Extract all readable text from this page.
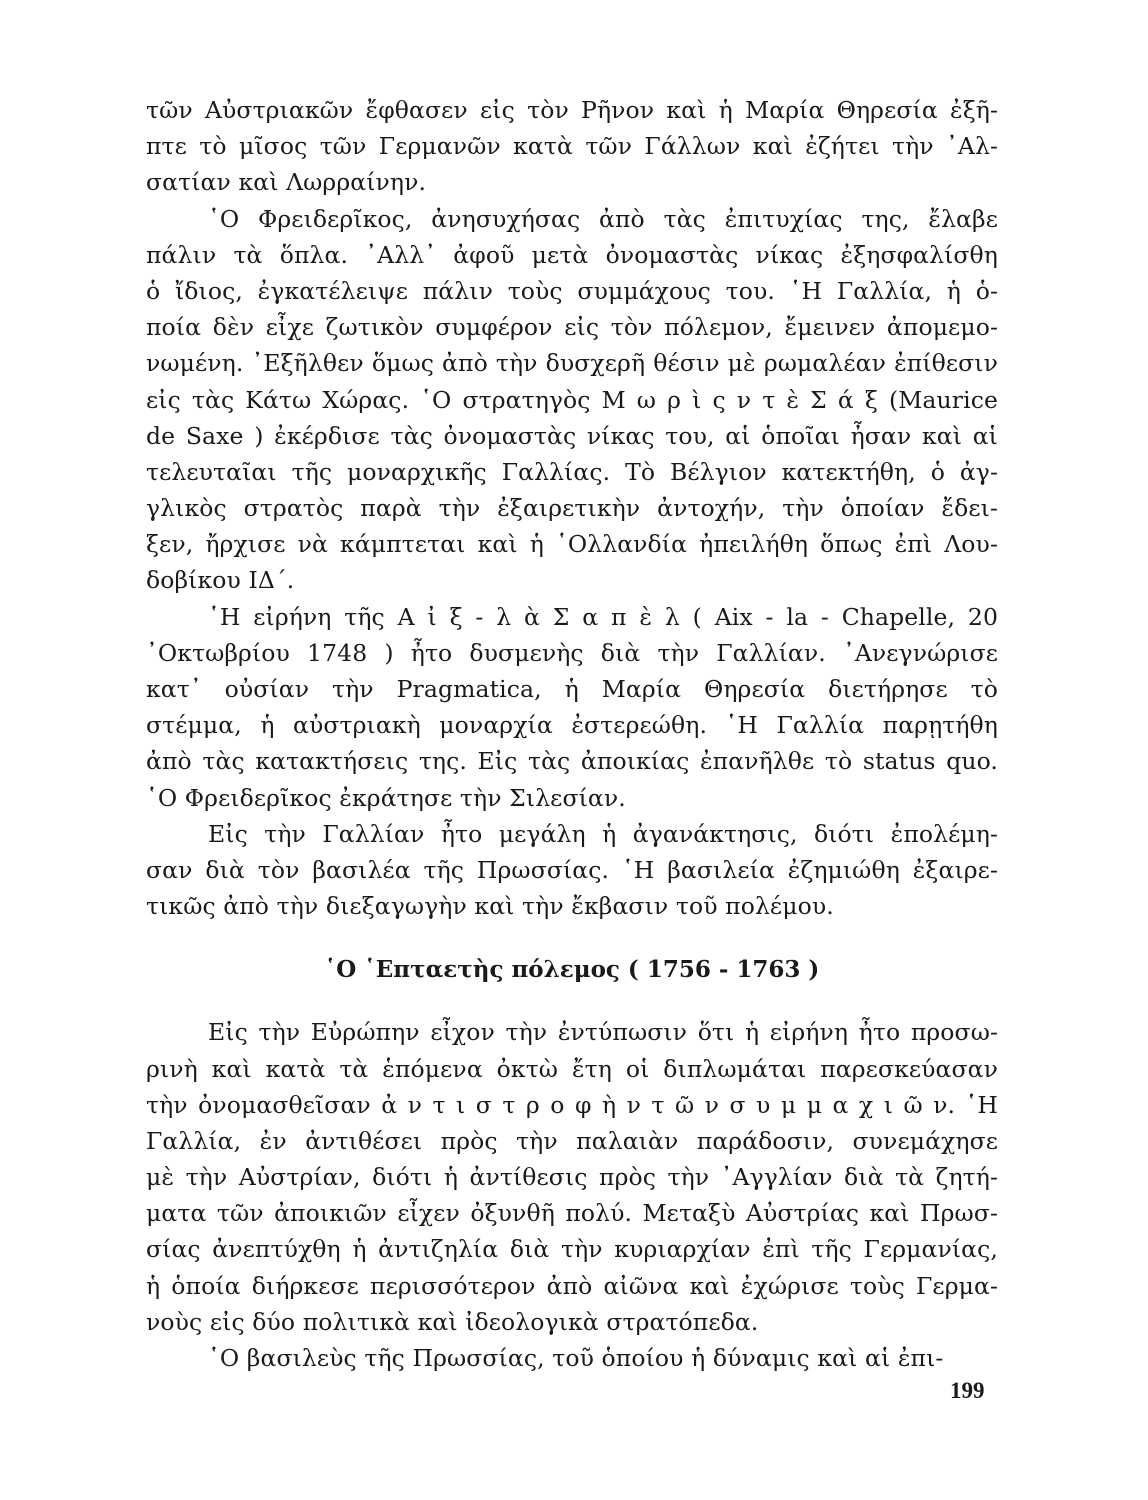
τῶν Αὐστριακῶν ἔφθασεν εἰς τὸν Ρῆνον καὶ ἡ Μαρία Θηρεσία ἐξῆ-
πτε τὸ μῖσος τῶν Γερμανῶν κατὰ τῶν Γάλλων καὶ ἐζήτει τὴν ᾿Αλ-
σατίαν καὶ Λωρραίνην.
῾Ο Φρειδερῖκος, ἀνησυχήσας ἀπὸ τὰς ἐπιτυχίας της, ἔλαβε
πάλιν τὰ ὅπλα. ᾿Αλλ᾿ ἀφοῦ μετὰ ὀνομαστὰς νίκας ἐξησφαλίσθη
ὁ ἴδιος, ἐγκατέλειψε πάλιν τοὺς συμμάχους του. ῾Η Γαλλία, ἡ ὁ-
ποία δὲν εἶχε ζωτικὸν συμφέρον εἰς τὸν πόλεμον, ἔμεινεν ἀπομεμο-
νωμένη. ᾿Εξῆλθεν ὅμως ἀπὸ τὴν δυσχερῆ θέσιν μὲ ρωμαλέαν ἐπίθεσιν
εἰς τὰς Κάτω Χώρας. ῾Ο στρατηγὸς Μ ω ρ ὶ ς ν τ ὲ Σ ά ξ (Maurice
de Saxe ) ἐκέρδισε τὰς ὀνομαστὰς νίκας του, αἱ ὁποῖαι ἦσαν καὶ αἱ
τελευταῖαι τῆς μοναρχικῆς Γαλλίας. Τὸ Βέλγιον κατεκτήθη, ὁ ἀγ-
γλικὸς στρατὸς παρὰ τὴν ἐξαιρετικὴν ἀντοχήν, τὴν ὁποίαν ἔδει-
ξεν, ἤρχισε νὰ κάμπτεται καὶ ἡ ῾Ολλανδία ἠπειλήθη ὅπως ἐπὶ Λου-
δοβίκου ΙΔ΄.
῾Η εἰρήνη τῆς Α ἰ ξ - λ ὰ Σ α π ὲ λ ( Aix - la - Chapelle, 20
᾿Οκτωβρίου 1748 ) ἦτο δυσμενὴς διὰ τὴν Γαλλίαν. ᾿Ανεγνώρισε
κατ᾿ οὐσίαν τὴν Pragmatica, ἡ Μαρία Θηρεσία διετήρησε τὸ
στέμμα, ἡ αὐστριακὴ μοναρχία ἐστερεώθη. ῾Η Γαλλία παρῃτήθη
ἀπὸ τὰς κατακτήσεις της. Εἰς τὰς ἀποικίας ἐπανῆλθε τὸ status quo.
῾Ο Φρειδερῖκος ἐκράτησε τὴν Σιλεσίαν.
Εἰς τὴν Γαλλίαν ἦτο μεγάλη ἡ ἀγανάκτησις, διότι ἐπολέμη-
σαν διὰ τὸν βασιλέα τῆς Πρωσσίας. ῾Η βασιλεία ἐζημιώθη ἐξαιρε-
τικῶς ἀπὸ τὴν διεξαγωγὴν καὶ τὴν ἔκβασιν τοῦ πολέμου.
῾Ο ῾Επταετὴς πόλεμος ( 1756 - 1763 )
Εἰς τὴν Εὐρώπην εἶχον τὴν ἐντύπωσιν ὅτι ἡ εἰρήνη ἦτο προσω-
ρινὴ καὶ κατὰ τὰ ἑπόμενα ὀκτὼ ἔτη οἱ διπλωμάται παρεσκεύασαν
τὴν ὀνομασθεῖσαν ἀ ν τ ι σ τ ρ ο φ ὴ ν τ ῶ ν σ υ μ μ α χ ι ῶ ν. ῾Η
Γαλλία, ἐν ἀντιθέσει πρὸς τὴν παλαιὰν παράδοσιν, συνεμάχησε
μὲ τὴν Αὐστρίαν, διότι ἡ ἀντίθεσις πρὸς τὴν ᾿Αγγλίαν διὰ τὰ ζητή-
ματα τῶν ἀποικιῶν εἶχεν ὀξυνθῆ πολύ. Μεταξὺ Αὐστρίας καὶ Πρωσ-
σίας ἀνεπτύχθη ἡ ἀντιζηλία διὰ τὴν κυριαρχίαν ἐπὶ τῆς Γερμανίας,
ἡ ὁποία διήρκεσε περισσότερον ἀπὸ αἰῶνα καὶ ἐχώρισε τοὺς Γερμα-
νοὺς εἰς δύο πολιτικὰ καὶ ἰδεολογικὰ στρατόπεδα.
῾Ο βασιλεὺς τῆς Πρωσσίας, τοῦ ὁποίου ἡ δύναμις καὶ αἱ ἐπι-
199
